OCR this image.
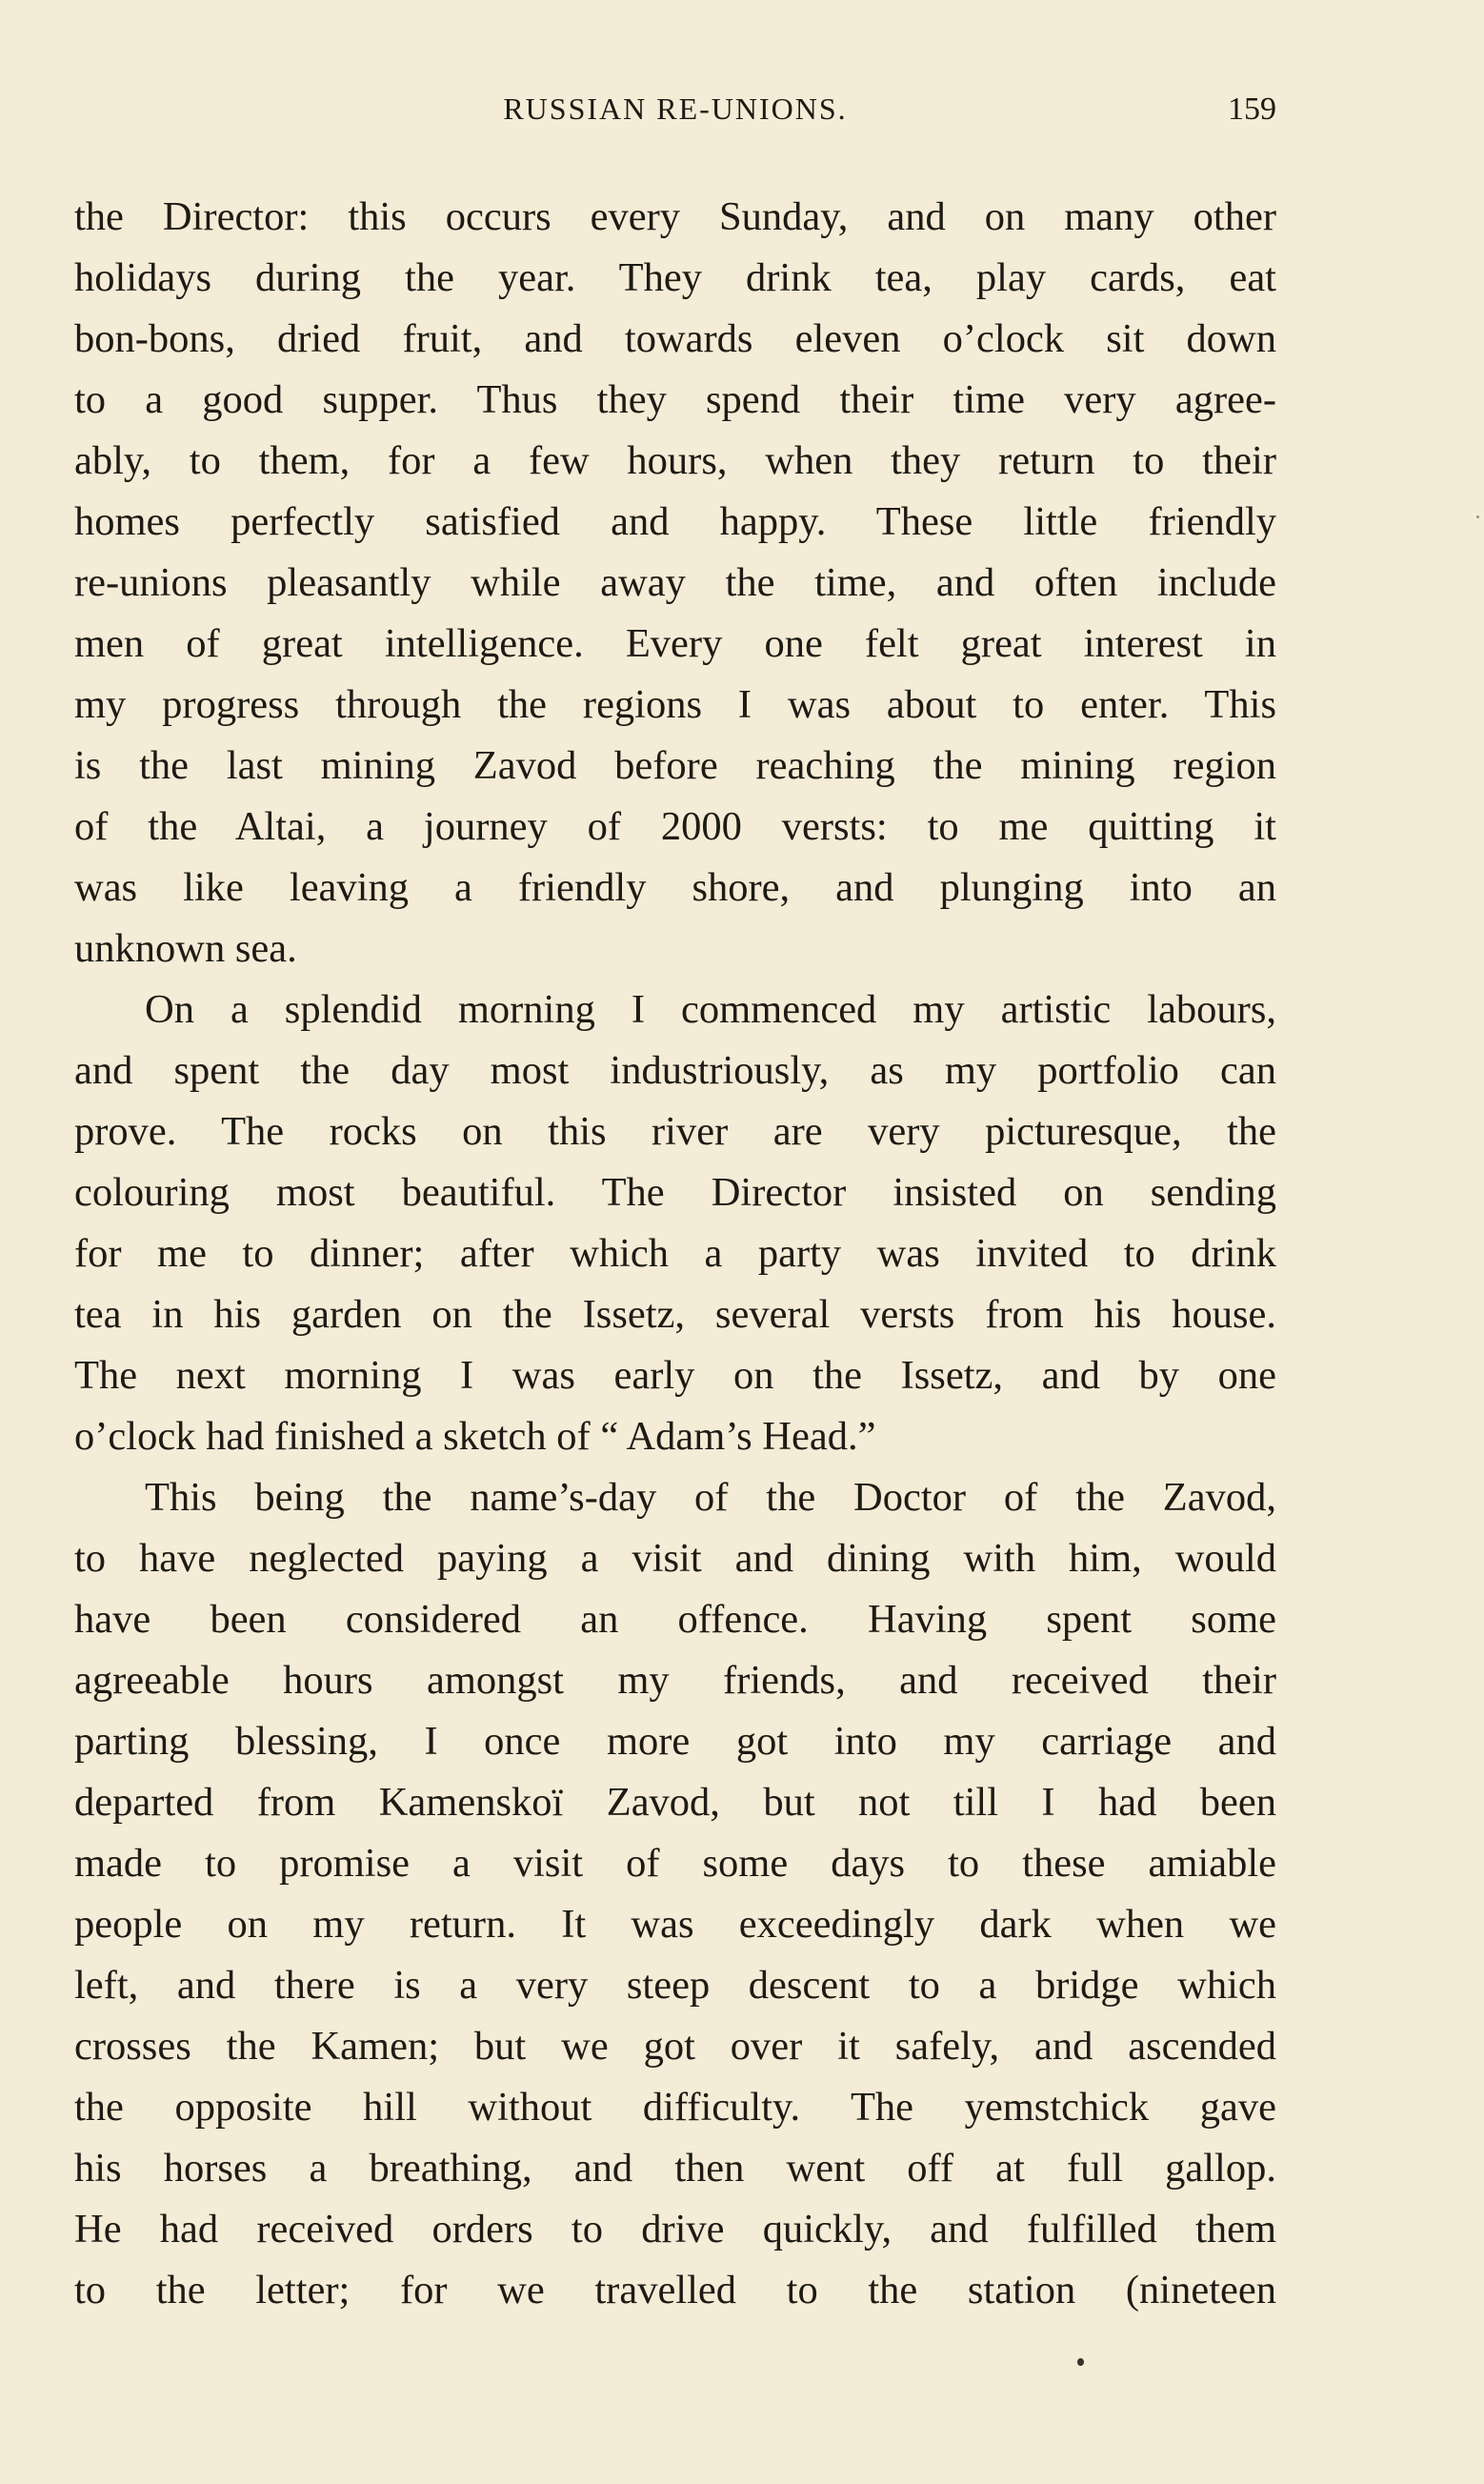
RUSSIAN RE-UNIONS.	159
the Director: this occurs every Sunday, and on many other
holidays during the year. They drink tea, play cards, eat
bon-bons, dried fruit, and towards eleven o’clock sit down
to a good supper. Thus they spend their time very agree-
ably, to them, for a few hours, when they return to their
homes perfectly satisfied and happy. These little friendly
re-unions pleasantly while away the time, and often include
men of great intelligence. Every one felt great interest in
my progress through the regions I was about to enter. This
is the last mining Zavod before reaching the mining region
of the Altai, a journey of 2000 versts: to me quitting it
was like leaving a friendly shore, and plunging into an
unknown sea.
On a splendid morning I commenced my artistic labours,
and spent the day most industriously, as my portfolio can
prove. The rocks on this river are very picturesque, the
colouring most beautiful. The Director insisted on sending
for me to dinner; after which a party was invited to drink
tea in his garden on the Issetz, several versts from his house.
The next morning I was early on the Issetz, and by one
o’clock had finished a sketch of “ Adam’s Head.”
This being the name’s-day of the Doctor of the Zavod,
to have neglected paying a visit and dining with him, would
have been considered an offence. Having spent some
agreeable hours amongst my friends, and received their
parting blessing, I once more got into my carriage and
departed from Kamenskoï Zavod, but not till I had been
made to promise a visit of some days to these amiable
people on my return. It was exceedingly dark when we
left, and there is a very steep descent to a bridge which
crosses the Kamen; but we got over it safely, and ascended
the opposite hill without difficulty. The yemstchick gave
his horses a breathing, and then went off at full gallop.
He had received orders to drive quickly, and fulfilled them
to the letter; for we travelled to the station (nineteen
